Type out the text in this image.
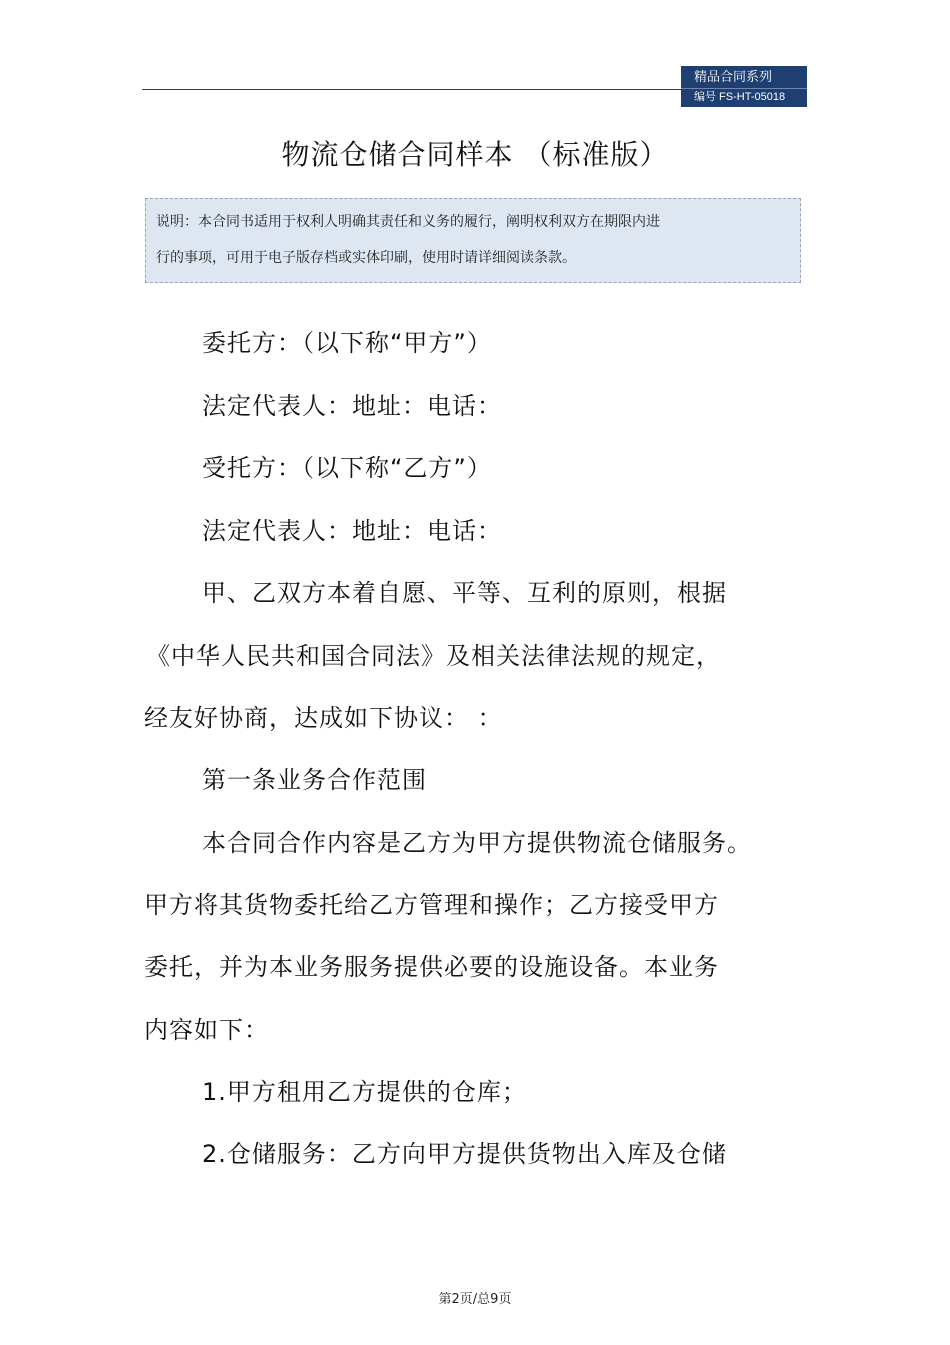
精品合同系列
编号 FS-HT-05018
物流仓储合同样本 （标准版）
说明：本合同书适用于权利人明确其责任和义务的履行，阐明权利双方在期限内进
行的事项，可用于电子版存档或实体印刷，使用时请详细阅读条款。

委托方：（以下称“甲方”）

法定代表人：地址：电话：

受托方：（以下称“乙方”）

法定代表人：地址：电话：

甲、乙双方本着自愿、平等、互利的原则，根据

《中华人民共和国合同法》及相关法律法规的规定，

经友好协商，达成如下协议： ：

第一条业务合作范围

本合同合作内容是乙方为甲方提供物流仓储服务。

甲方将其货物委托给乙方管理和操作；乙方接受甲方

委托，并为本业务服务提供必要的设施设备。本业务

内容如下：

1.甲方租用乙方提供的仓库；

2.仓储服务：乙方向甲方提供货物出入库及仓储

第2页/总9页
